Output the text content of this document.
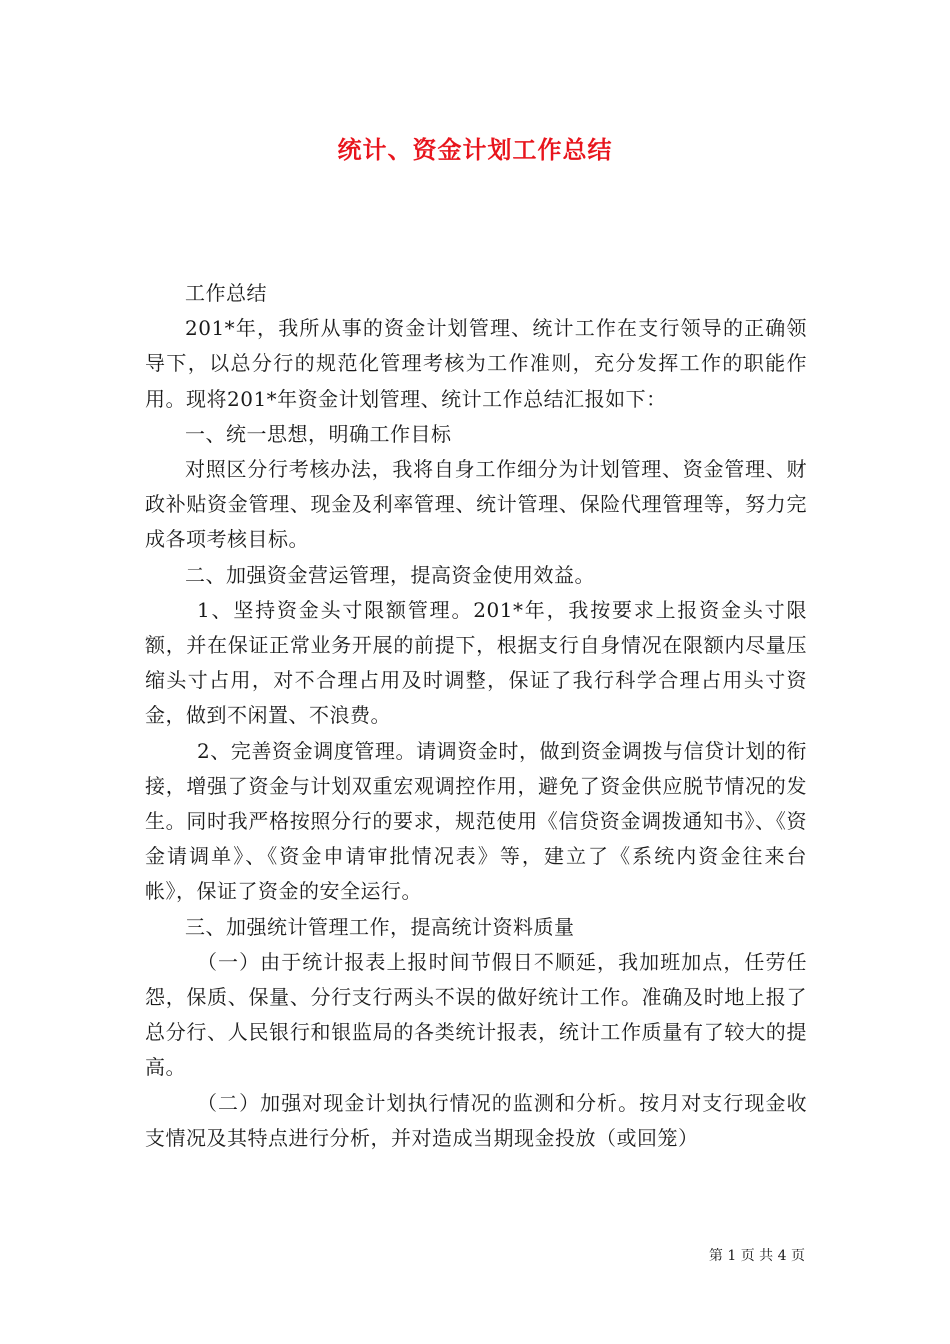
统计、资金计划工作总结

工作总结

201*年，我所从事的资金计划管理、统计工作在支行领导的正确领导下，以总分行的规范化管理考核为工作准则，充分发挥工作的职能作用。现将201*年资金计划管理、统计工作总结汇报如下：

一、统一思想，明确工作目标

对照区分行考核办法，我将自身工作细分为计划管理、资金管理、财政补贴资金管理、现金及利率管理、统计管理、保险代理管理等，努力完成各项考核目标。

二、加强资金营运管理，提高资金使用效益。

1、坚持资金头寸限额管理。201*年，我按要求上报资金头寸限额，并在保证正常业务开展的前提下，根据支行自身情况在限额内尽量压缩头寸占用，对不合理占用及时调整，保证了我行科学合理占用头寸资金，做到不闲置、不浪费。

2、完善资金调度管理。请调资金时，做到资金调拨与信贷计划的衔接，增强了资金与计划双重宏观调控作用，避免了资金供应脱节情况的发生。同时我严格按照分行的要求，规范使用《信贷资金调拨通知书》、《资金请调单》、《资金申请审批情况表》等，建立了《系统内资金往来台帐》，保证了资金的安全运行。

三、加强统计管理工作，提高统计资料质量

（一）由于统计报表上报时间节假日不顺延，我加班加点，任劳任怨，保质、保量、分行支行两头不误的做好统计工作。准确及时地上报了总分行、人民银行和银监局的各类统计报表，统计工作质量有了较大的提高。

（二）加强对现金计划执行情况的监测和分析。按月对支行现金收支情况及其特点进行分析，并对造成当期现金投放（或回笼）

第 1 页 共 4 页
